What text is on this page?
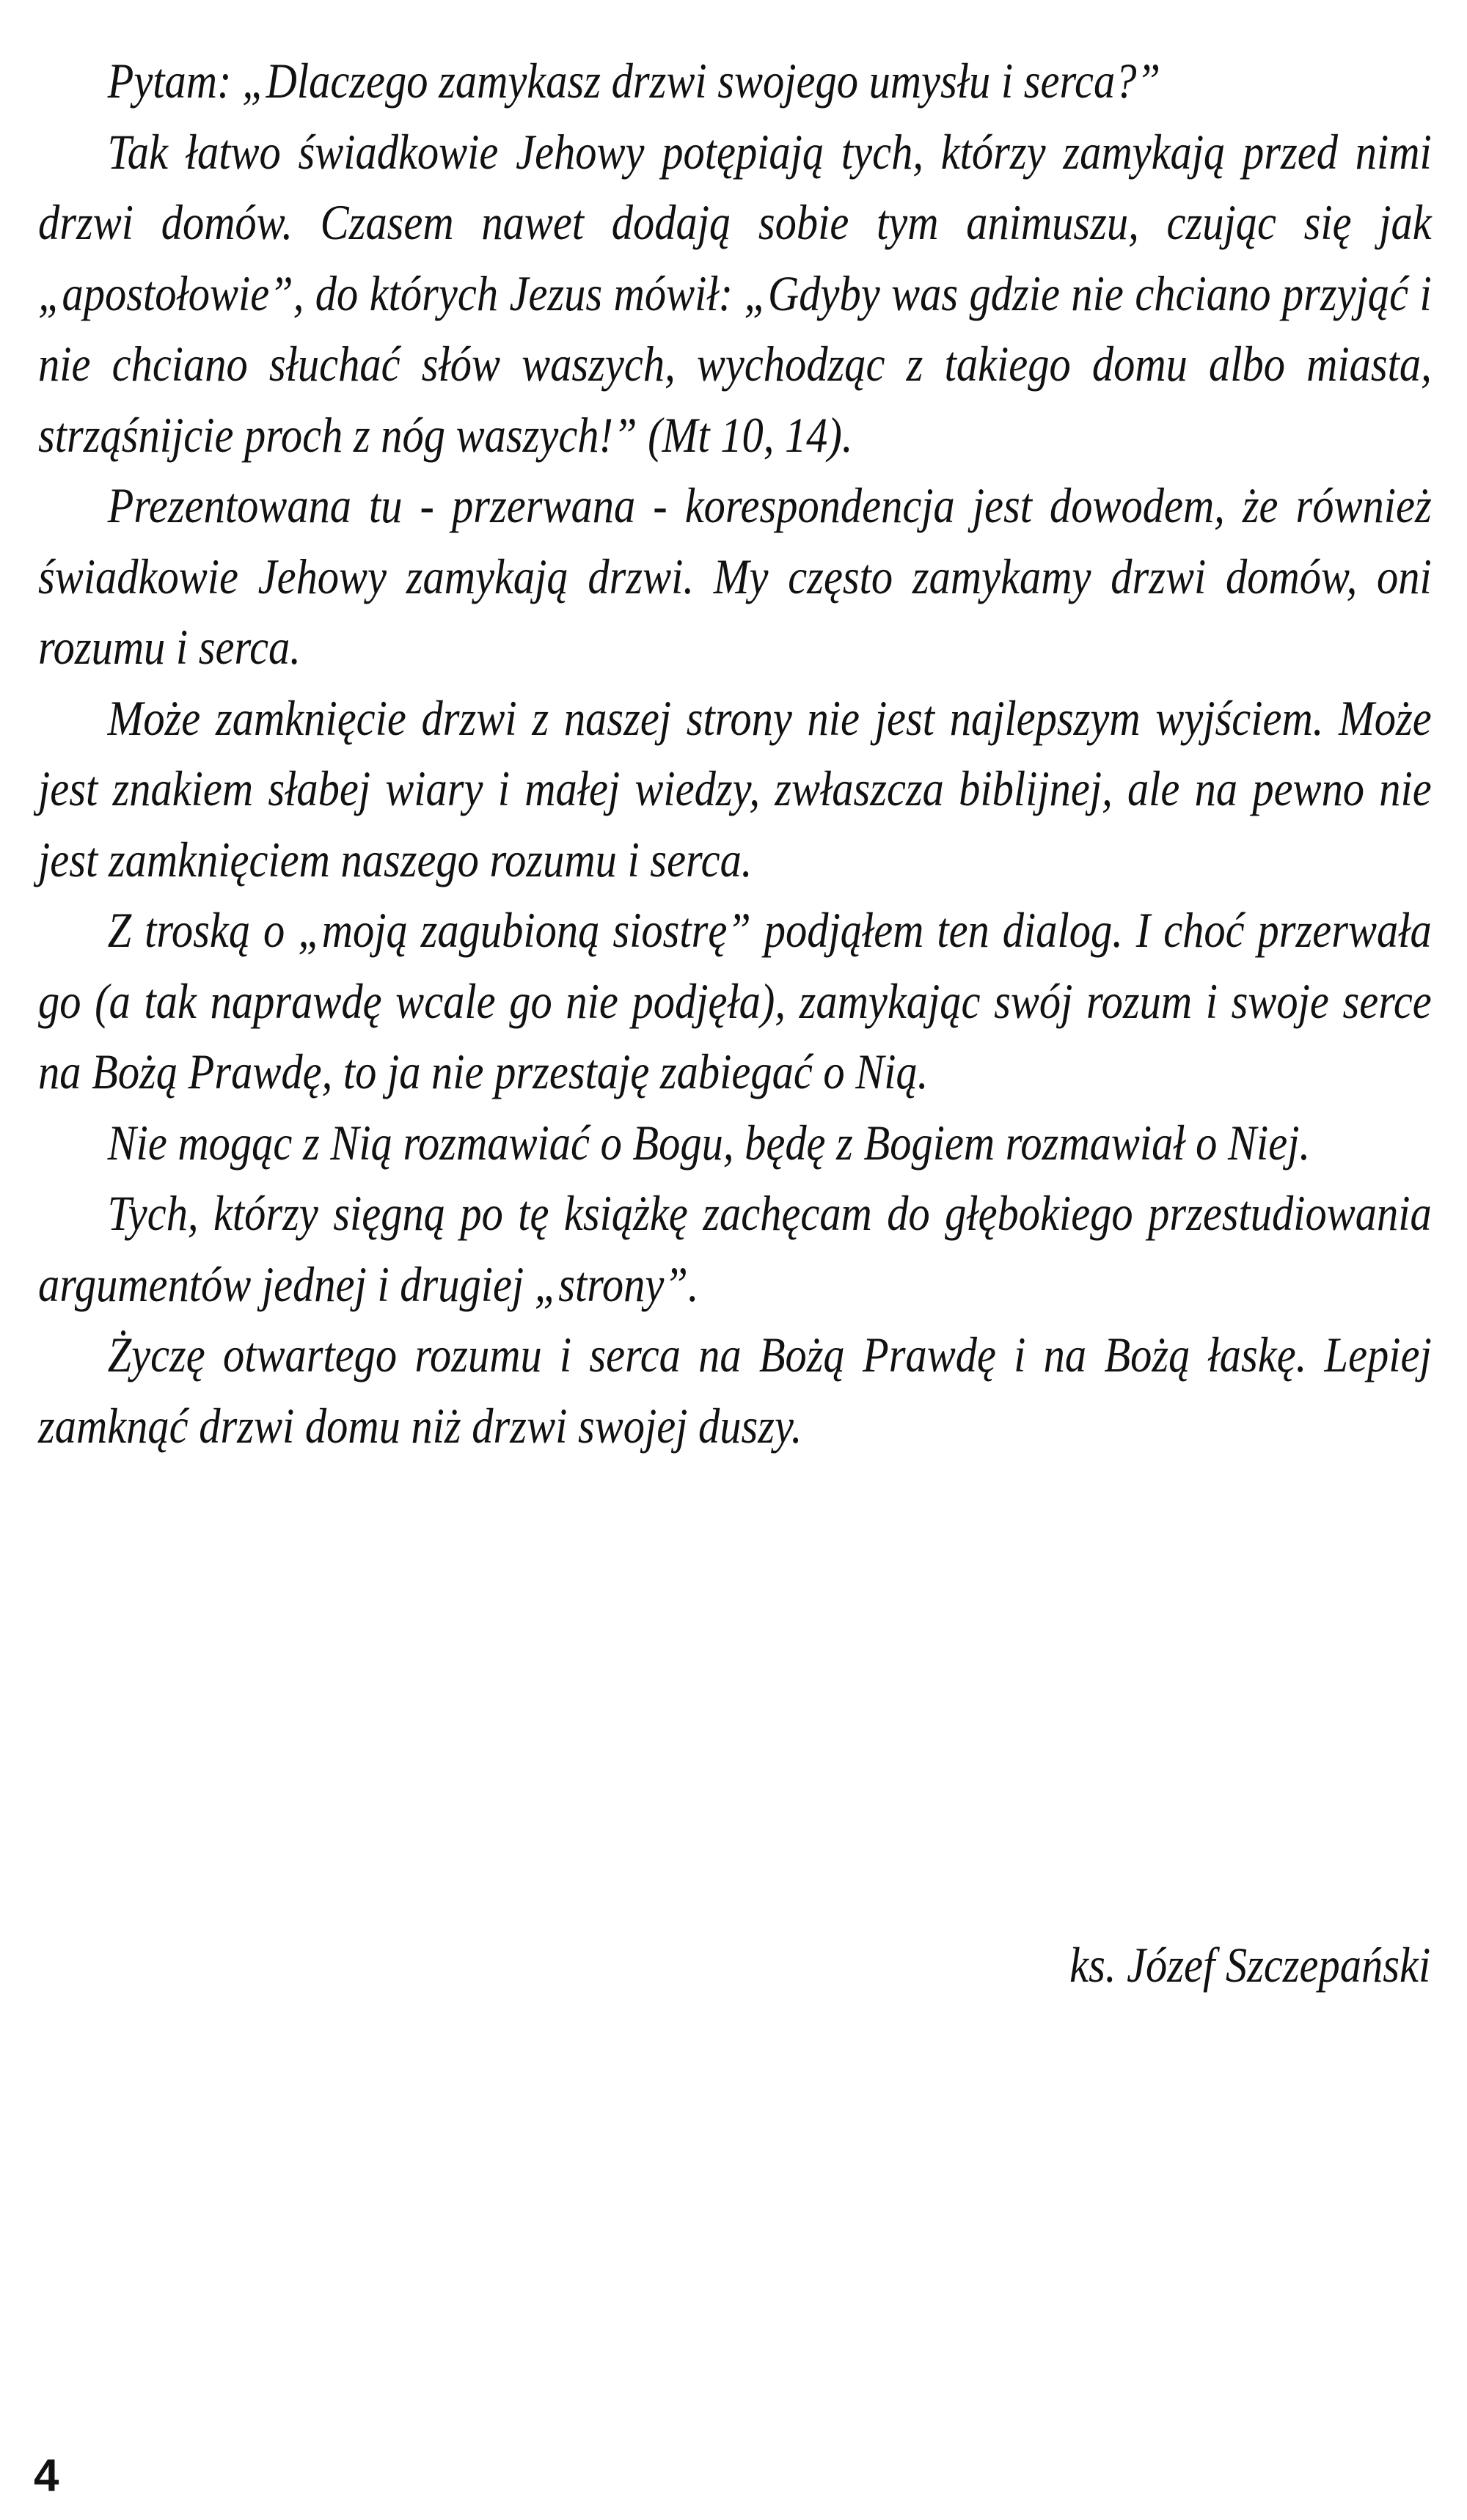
Pytam: „Dlaczego zamykasz drzwi swojego umysłu i serca?”

Tak łatwo świadkowie Jehowy potępiają tych, którzy zamykają przed nimi drzwi domów. Czasem nawet dodają sobie tym animuszu, czując się jak „apostołowie”, do których Jezus mówił: „Gdyby was gdzie nie chciano przyjąć i nie chciano słuchać słów waszych, wychodząc z takiego domu albo miasta, strząśnijcie proch z nóg waszych!” (Mt 10, 14).

Prezentowana tu - przerwana - korespondencja jest dowodem, że również świadkowie Jehowy zamykają drzwi. My często zamykamy drzwi domów, oni rozumu i serca.

Może zamknięcie drzwi z naszej strony nie jest najlepszym wyjściem. Może jest znakiem słabej wiary i małej wiedzy, zwłaszcza biblijnej, ale na pewno nie jest zamknięciem naszego rozumu i serca.

Z troską o „moją zagubioną siostrę” podjąłem ten dialog. I choć przerwała go (a tak naprawdę wcale go nie podjęła), zamykając swój rozum i swoje serce na Bożą Prawdę, to ja nie przestaję zabiegać o Nią.

Nie mogąc z Nią rozmawiać o Bogu, będę z Bogiem rozmawiał o Niej.

Tych, którzy sięgną po tę książkę zachęcam do głębokiego przestudiowania argumentów jednej i drugiej „strony”.

Życzę otwartego rozumu i serca na Bożą Prawdę i na Bożą łaskę. Lepiej zamknąć drzwi domu niż drzwi swojej duszy.

ks. Józef Szczepański
4
